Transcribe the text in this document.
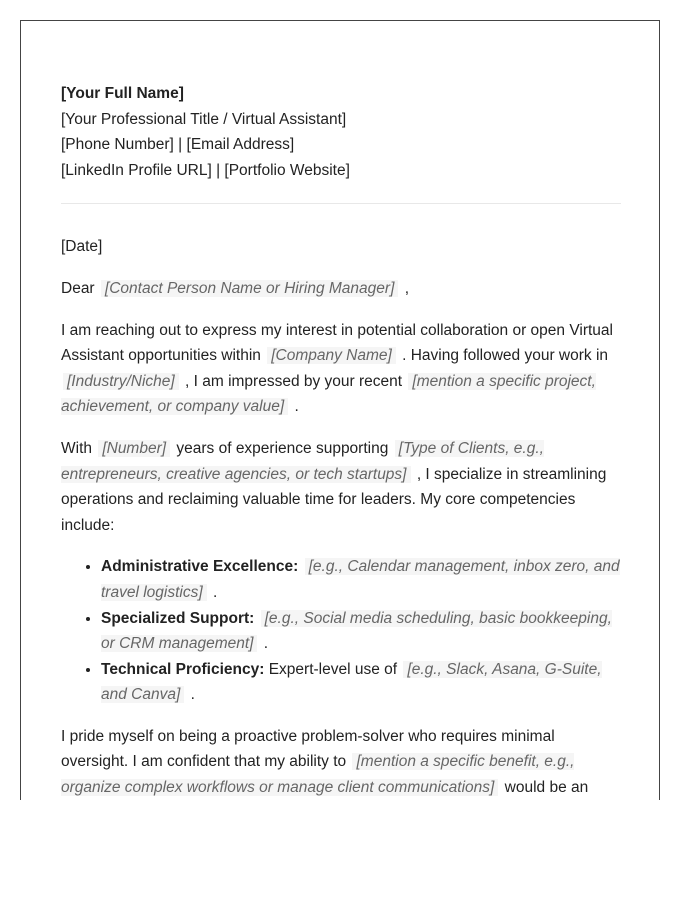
[Your Full Name]

[Your Professional Title / Virtual Assistant]

[Phone Number] | [Email Address]

[LinkedIn Profile URL] | [Portfolio Website]

[Date]

Dear [Contact Person Name or Hiring Manager] ,

I am reaching out to express my interest in potential collaboration or open Virtual Assistant opportunities within [Company Name] . Having followed your work in [Industry/Niche] , I am impressed by your recent [mention a specific project, achievement, or company value] .

With [Number] years of experience supporting [Type of Clients, e.g., entrepreneurs, creative agencies, or tech startups] , I specialize in streamlining operations and reclaiming valuable time for leaders. My core competencies include:

• Administrative Excellence: [e.g., Calendar management, inbox zero, and travel logistics] .
• Specialized Support: [e.g., Social media scheduling, basic bookkeeping, or CRM management] .
• Technical Proficiency: Expert-level use of [e.g., Slack, Asana, G-Suite, and Canva] .

I pride myself on being a proactive problem-solver who requires minimal oversight. I am confident that my ability to [mention a specific benefit, e.g., organize complex workflows or manage client communications] would be an
